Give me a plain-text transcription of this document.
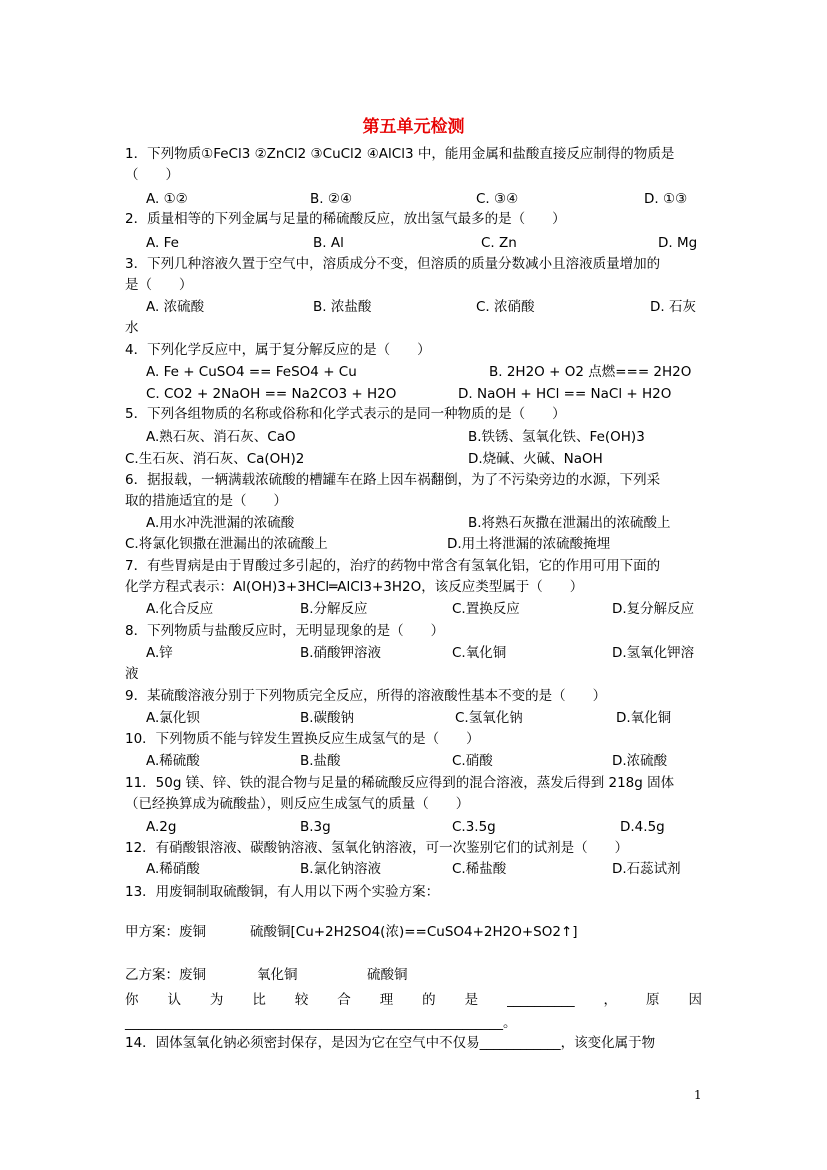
第五单元检测
1．下列物质①FeCl3 ②ZnCl2 ③CuCl2 ④AlCl3 中，能用金属和盐酸直接反应制得的物质是
（　　）
A. ①②	B. ②④	C. ③④	D. ①③
2．质量相等的下列金属与足量的稀硫酸反应，放出氢气最多的是（　　）
A. Fe	B. Al	C. Zn	D. Mg
3．下列几种溶液久置于空气中，溶质成分不变，但溶质的质量分数减小且溶液质量增加的
是（　　）
A. 浓硫酸	B. 浓盐酸	C. 浓硝酸	D. 石灰
水
4．下列化学反应中，属于复分解反应的是（　　）
A. Fe + CuSO4 == FeSO4 + Cu	B. 2H2O + O2 点燃=== 2H2O
C. CO2 + 2NaOH == Na2CO3 + H2O	D. NaOH + HCl == NaCl + H2O
5．下列各组物质的名称或俗称和化学式表示的是同一种物质的是（　　）
A.熟石灰、消石灰、CaO	B.铁锈、氢氧化铁、Fe(OH)3
C.生石灰、消石灰、Ca(OH)2	D.烧碱、火碱、NaOH
6．据报载，一辆满载浓硫酸的槽罐车在路上因车祸翻倒，为了不污染旁边的水源，下列采
取的措施适宜的是（　　）
A.用水冲洗泄漏的浓硫酸	B.将熟石灰撒在泄漏出的浓硫酸上
C.将氯化钡撒在泄漏出的浓硫酸上	D.用土将泄漏的浓硫酸掩埋
7．有些胃病是由于胃酸过多引起的，治疗的药物中常含有氢氧化铝，它的作用可用下面的
化学方程式表示：Al(OH)3+3HCl═AlCl3+3H2O，该反应类型属于（　　）
A.化合反应	B.分解反应	C.置换反应	D.复分解反应
8．下列物质与盐酸反应时，无明显现象的是（　　）
A.锌	B.硝酸钾溶液	C.氧化铜	D.氢氧化钾溶
液
9．某硫酸溶液分别于下列物质完全反应，所得的溶液酸性基本不变的是（　　）
A.氯化钡	B.碳酸钠	C.氢氧化钠	D.氧化铜
10．下列物质不能与锌发生置换反应生成氢气的是（　　）
A.稀硫酸	B.盐酸	C.硝酸	D.浓硫酸
11．50g 镁、锌、铁的混合物与足量的稀硫酸反应得到的混合溶液，蒸发后得到 218g 固体
（已经换算成为硫酸盐），则反应生成氢气的质量（　　）
A.2g	B.3g	C.3.5g	D.4.5g
12．有硝酸银溶液、碳酸钠溶液、氢氧化钠溶液，可一次鉴别它们的试剂是（　　）
A.稀硝酸	B.氯化钠溶液	C.稀盐酸	D.石蕊试剂
13．用废铜制取硫酸铜，有人用以下两个实验方案：
甲方案：废铜	硫酸铜[Cu+2H2SO4(浓)==CuSO4+2H2O+SO2↑]
乙方案：废铜	氧化铜	硫酸铜
你 认 为 比 较 合 理 的 是 __________ ， 原 因
________________________________________________________。
14．固体氢氧化钠必须密封保存，是因为它在空气中不仅易____________，该变化属于物
1
